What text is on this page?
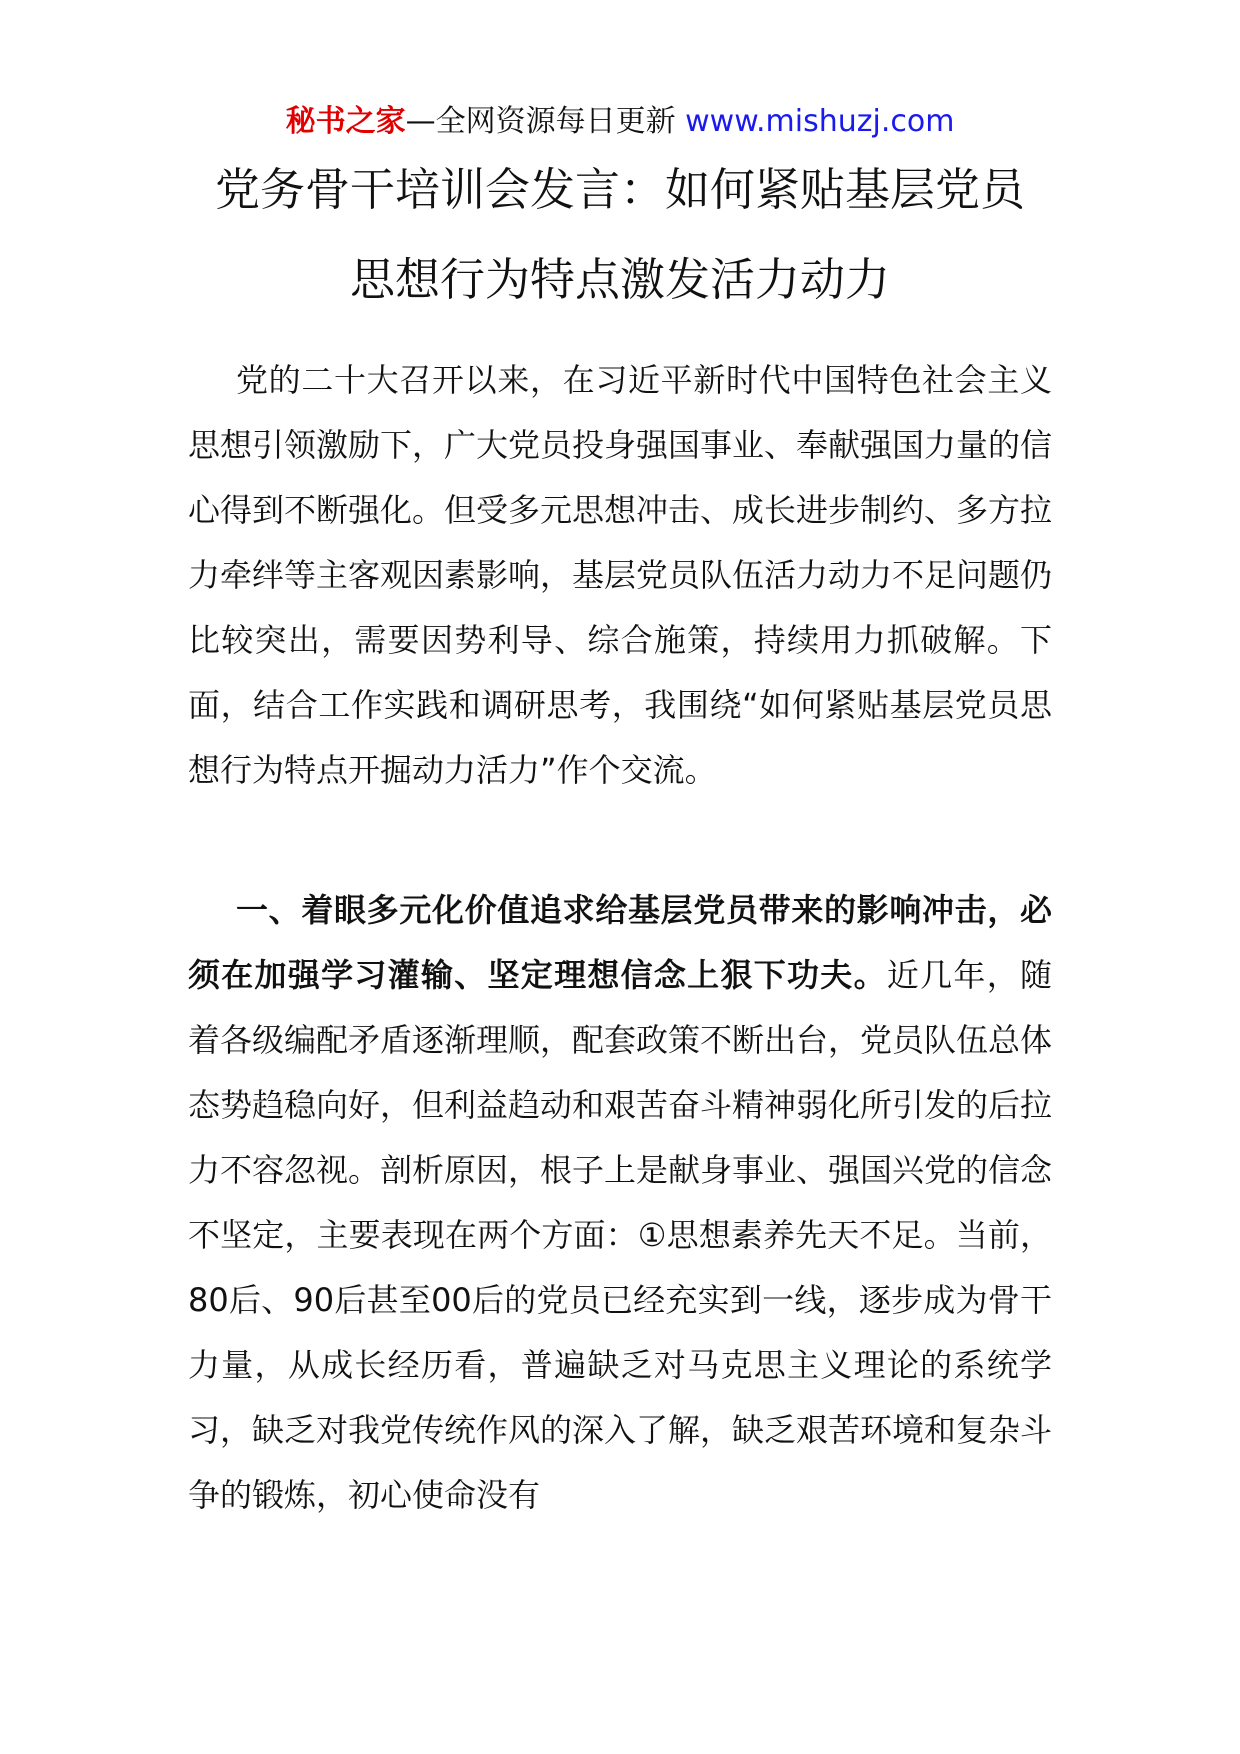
秘书之家—全网资源每日更新 www.mishuzj.com
党务骨干培训会发言：如何紧贴基层党员
思想行为特点激发活力动力
党的二十大召开以来，在习近平新时代中国特色社会主义思想引领激励下，广大党员投身强国事业、奉献强国力量的信心得到不断强化。但受多元思想冲击、成长进步制约、多方拉力牵绊等主客观因素影响，基层党员队伍活力动力不足问题仍比较突出，需要因势利导、综合施策，持续用力抓破解。下面，结合工作实践和调研思考，我围绕“如何紧贴基层党员思想行为特点开掘动力活力”作个交流。
一、着眼多元化价值追求给基层党员带来的影响冲击，必须在加强学习灌输、坚定理想信念上狠下功夫。近几年，随着各级编配矛盾逐渐理顺，配套政策不断出台，党员队伍总体态势趋稳向好，但利益趋动和艰苦奋斗精神弱化所引发的后拉力不容忽视。剖析原因，根子上是献身事业、强国兴党的信念不坚定，主要表现在两个方面：①思想素养先天不足。当前，80后、90后甚至00后的党员已经充实到一线，逐步成为骨干力量，从成长经历看，普遍缺乏对马克思主义理论的系统学习，缺乏对我党传统作风的深入了解，缺乏艰苦环境和复杂斗争的锻炼，初心使命没有
